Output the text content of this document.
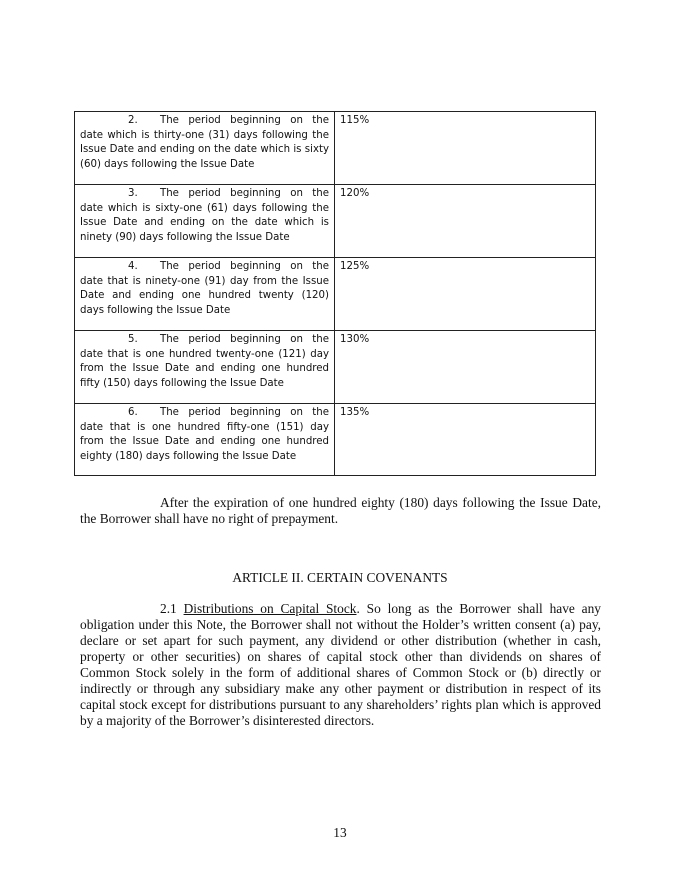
2. The period beginning on the date which is thirty-one (31) days following the Issue Date and ending on the date which is sixty (60) days following the Issue Date	115%
3. The period beginning on the date which is sixty-one (61) days following the Issue Date and ending on the date which is ninety (90) days following the Issue Date	120%
4. The period beginning on the date that is ninety-one (91) day from the Issue Date and ending one hundred twenty (120) days following the Issue Date	125%
5. The period beginning on the date that is one hundred twenty-one (121) day from the Issue Date and ending one hundred fifty (150) days following the Issue Date	130%
6. The period beginning on the date that is one hundred fifty-one (151) day from the Issue Date and ending one hundred eighty (180) days following the Issue Date	135%

After the expiration of one hundred eighty (180) days following the Issue Date, the Borrower shall have no right of prepayment.

ARTICLE II. CERTAIN COVENANTS

2.1 Distributions on Capital Stock. So long as the Borrower shall have any obligation under this Note, the Borrower shall not without the Holder’s written consent (a) pay, declare or set apart for such payment, any dividend or other distribution (whether in cash, property or other securities) on shares of capital stock other than dividends on shares of Common Stock solely in the form of additional shares of Common Stock or (b) directly or indirectly or through any subsidiary make any other payment or distribution in respect of its capital stock except for distributions pursuant to any shareholders’ rights plan which is approved by a majority of the Borrower’s disinterested directors.

13
